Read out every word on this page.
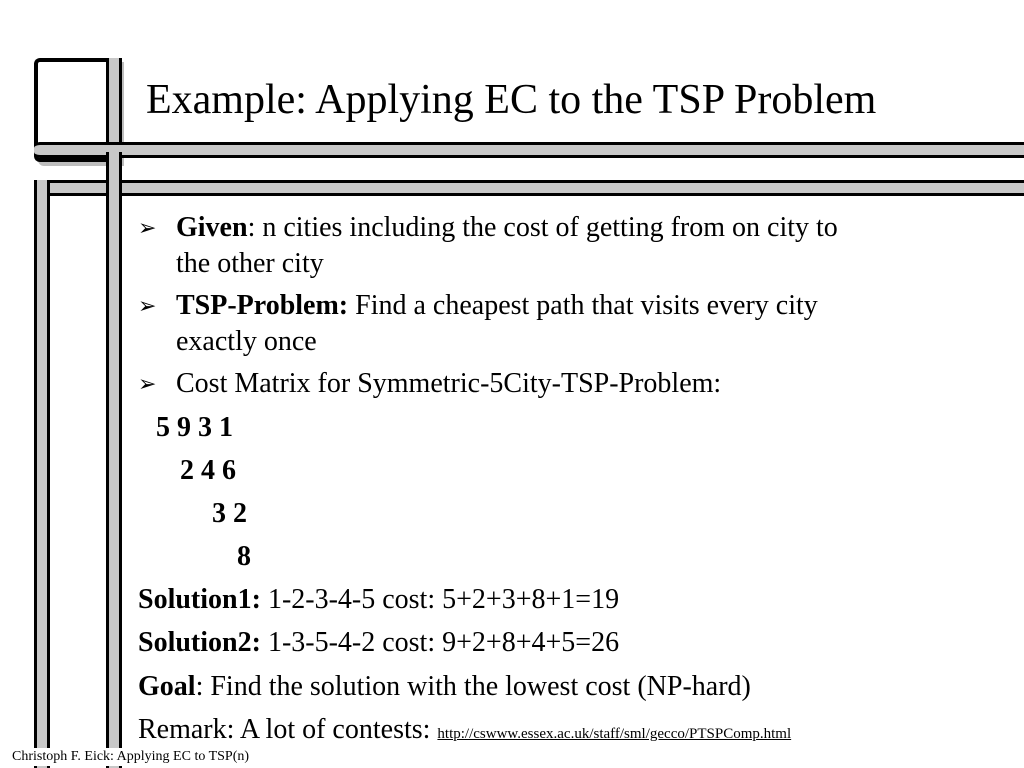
Example: Applying EC to the TSP Problem
➢ Given: n cities including the cost of getting from on city to
the other city
➢ TSP-Problem: Find a cheapest path that visits every city
exactly once
➢ Cost Matrix for Symmetric-5City-TSP-Problem:
5 9 3 1
2 4 6
3 2
8
Solution1: 1-2-3-4-5 cost: 5+2+3+8+1=19
Solution2: 1-3-5-4-2 cost: 9+2+8+4+5=26
Goal: Find the solution with the lowest cost (NP-hard)
Remark: A lot of contests: http://cswww.essex.ac.uk/staff/sml/gecco/PTSPComp.html
Christoph F. Eick: Applying EC to TSP(n)
